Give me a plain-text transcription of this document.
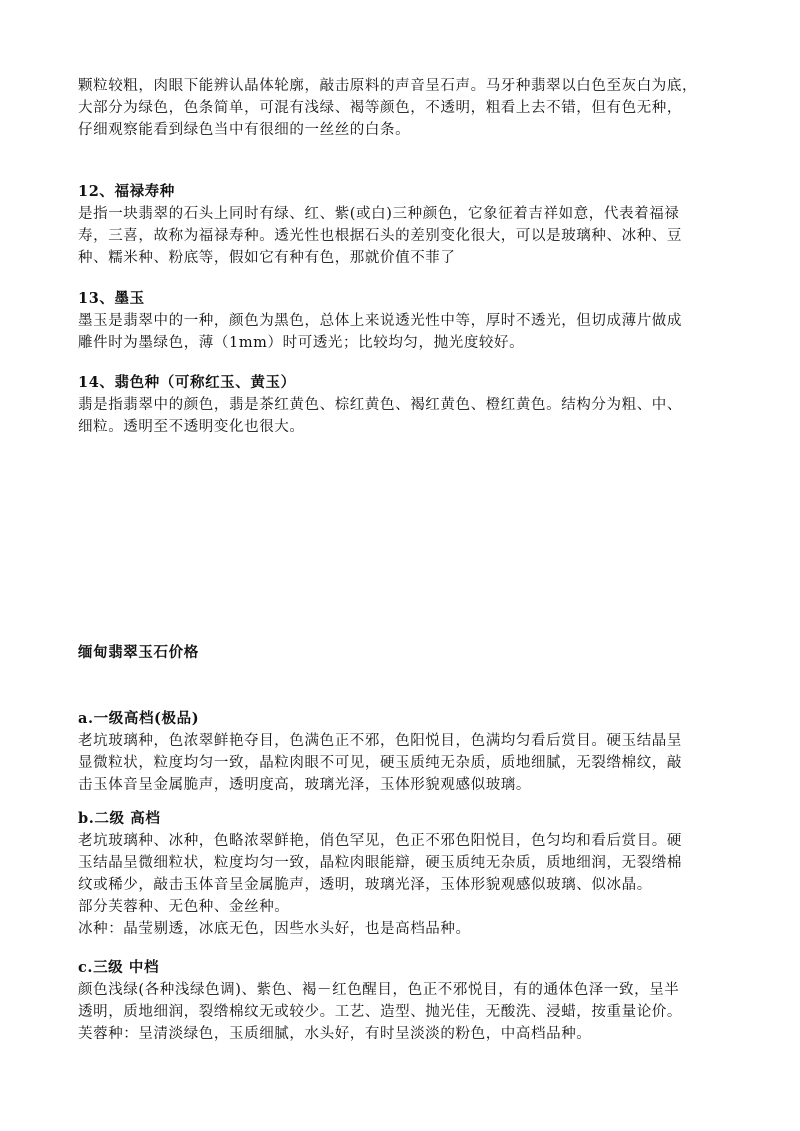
颗粒较粗，肉眼下能辨认晶体轮廓，敲击原料的声音呈石声。马牙种翡翠以白色至灰白为底，
大部分为绿色，色条简单，可混有浅绿、褐等颜色，不透明，粗看上去不错，但有色无种，
仔细观察能看到绿色当中有很细的一丝丝的白条。
12、福禄寿种
是指一块翡翠的石头上同时有绿、红、紫(或白)三种颜色，它象征着吉祥如意，代表着福禄
寿，三喜，故称为福禄寿种。透光性也根据石头的差别变化很大，可以是玻璃种、冰种、豆
种、糯米种、粉底等，假如它有种有色，那就价值不菲了
13、墨玉
墨玉是翡翠中的一种，颜色为黑色，总体上来说透光性中等，厚时不透光，但切成薄片做成
雕件时为墨绿色，薄（1mm）时可透光；比较均匀，抛光度较好。
14、翡色种（可称红玉、黄玉）
翡是指翡翠中的颜色，翡是茶红黄色、棕红黄色、褐红黄色、橙红黄色。结构分为粗、中、
细粒。透明至不透明变化也很大。
缅甸翡翠玉石价格
a.一级高档(极品)
老坑玻璃种，色浓翠鲜艳夺目，色满色正不邪，色阳悦目，色满均匀看后赏目。硬玉结晶呈
显微粒状，粒度均匀一致，晶粒肉眼不可见，硬玉质纯无杂质，质地细腻，无裂绺棉纹，敲
击玉体音呈金属脆声，透明度高，玻璃光泽，玉体形貌观感似玻璃。
b.二级 高档
老坑玻璃种、冰种，色略浓翠鲜艳，俏色罕见，色正不邪色阳悦目，色匀均和看后赏目。硬
玉结晶呈微细粒状，粒度均匀一致，晶粒肉眼能辯，硬玉质纯无杂质，质地细润，无裂绺棉
纹或稀少，敲击玉体音呈金属脆声，透明，玻璃光泽，玉体形貌观感似玻璃、似冰晶。
部分芙蓉种、无色种、金丝种。
冰种：晶莹剔透，冰底无色，因些水头好，也是高档品种。
c.三级 中档
颜色浅绿(各种浅绿色调)、紫色、褐－红色醒目，色正不邪悦目，有的通体色泽一致，呈半
透明，质地细润，裂绺棉纹无或较少。工艺、造型、抛光佳，无酸洗、浸蜡，按重量论价。
芙蓉种：呈清淡绿色，玉质细腻，水头好，有时呈淡淡的粉色，中高档品种。
